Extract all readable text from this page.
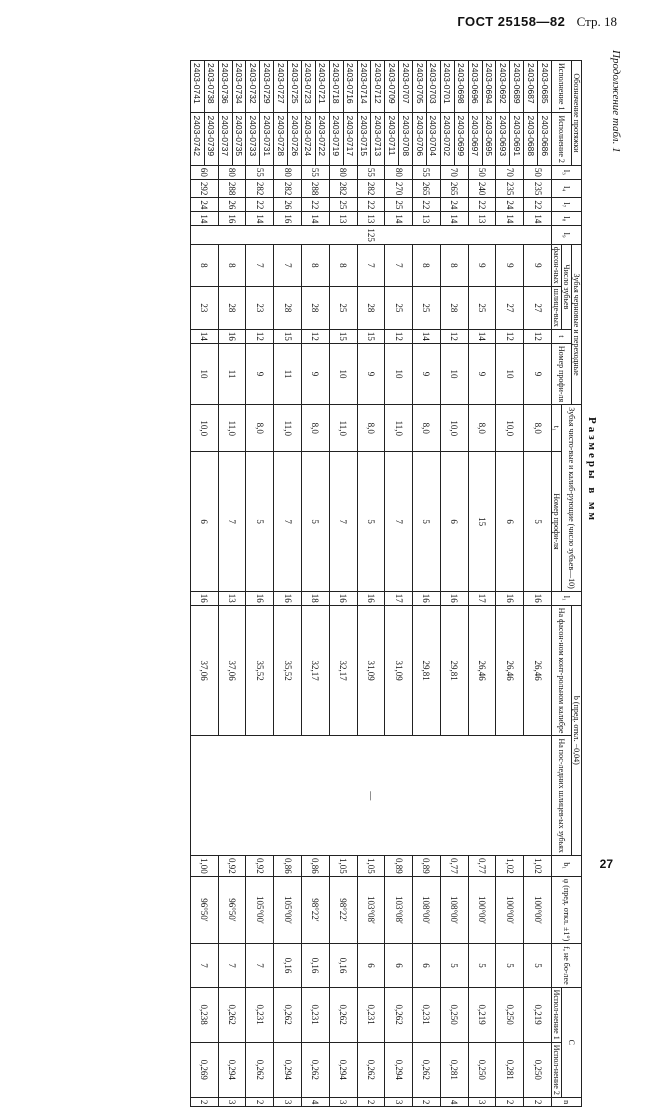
ГОСТ 25158—82 Стр. 18
Продолжение табл. 1
Размеры в мм
Обозначение протяжки		l₃	l₄	l₇	l₈	l₉	Зубья черновые и переходные				Зубья чисто-вые и калиб-рующие (число зубьев—10)		l₁	b (пред. откл. −0,04)		b₁	φ (пред. откл. ±1°)	f, не бо-лее	C		n
Исполнение 1	Исполнение 2						Число зубьев		t	Номер профи-ля				На фасон-ном конт-рольном калибре	На пос-ледних шлицев-ых зубьях						
							фасон-ных	шлице-вых			t₁	Номер профи-ля							Испол-нение 1	Испол-нение 2	
2403-0685	2403-0686	50	235	22	14	125	9	27	12	9	8,0	5	16	26,46	—	1,02	100°00′	5	0,219	0,250	2
2403-0687	2403-0688																				
2403-0689	2403-0691	70	235	24	14		9	27	12	10	10,0	6	16	26,46		1,02	100°00′	5	0,250	0,281	2
2403-0692	2403-0693																				
2403-0694	2403-0695	50	240	22	13		9	25	14	9	8,0	15	17	26,46		0,77	100°00′	5	0,219	0,250	3
2403-0696	2403-0697																				
2403-0698	2403-0699	70	265	24	14		8	28	12	10	10,0	6	16	29,81		0,77	108°00′	5	0,250	0,281	4
2403-0701	2403-0702																				
2403-0703	2403-0704	55	265	22	13		8	25	14	9	8,0	5	16	29,81		0,89	108°00′	6	0,231	0,262	2
2403-0705	2403-0706																				
2403-0707	2403-0708	80	270	25	14		7	25	12	10	11,0	7	17	31,09		0,89	103°08′	6	0,262	0,294	3
2403-0709	2403-0711																				
2403-0712	2403-0713	55	282	22	13		7	28	15	9	8,0	5	16	31,09		1,05	103°08′	6	0,231	0,262	2
2403-0714	2403-0715																				
2403-0716	2403-0717	80	282	25	13		8	25	15	10	11,0	7	16	32,17		1,05	98°22′	0,16	0,262	0,294	3
2403-0718	2403-0719																				
2403-0721	2403-0722	55	288	22	14		8	28	12	9	8,0	5	18	32,17		0,86	98°22′	0,16	0,231	0,262	4
2403-0723	2403-0724																				
2403-0725	2403-0726	80	282	26	16		7	28	15	11	11,0	7	16	35,52		0,86	105°00′	0,16	0,262	0,294	3
2403-0727	2403-0728																				
2403-0729	2403-0731	55	282	22	14		7	23	12	9	8,0	5	16	35,52		0,92	105°00′	7	0,231	0,262	2
2403-0732	2403-0733																				
2403-0734	2403-0735	80	288	26	16		8	28	16	11	11,0	7	13	37,06		0,92	96°50′	7	0,262	0,294	3
2403-0736	2403-0737																				
2403-0738	2403-0739	60	292	24	14		8	23	14	10	10,0	6	16	37,06		1,00	96°50′	7	0,238	0,269	2
2403-0741	2403-0742																				
27
